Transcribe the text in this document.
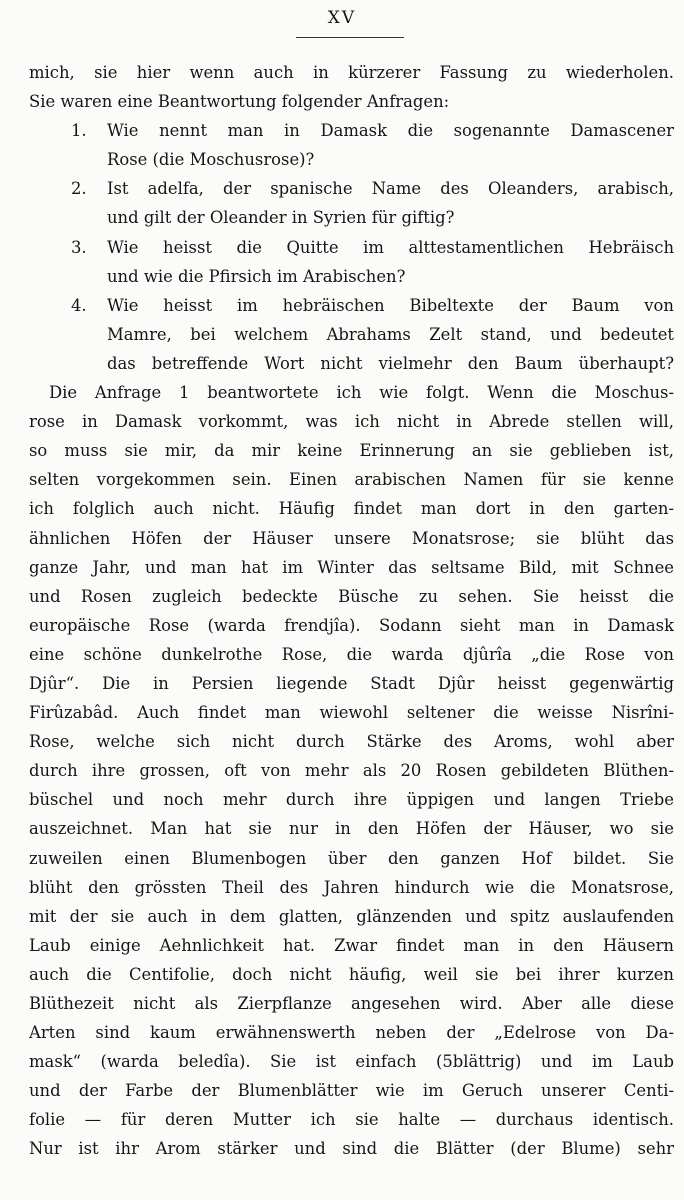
XV
mich, sie hier wenn auch in kürzerer Fassung zu wiederholen.
Sie waren eine Beantwortung folgender Anfragen:
1. Wie nennt man in Damask die sogenannte Damascener
Rose (die Moschusrose)?
2. Ist adelfa, der spanische Name des Oleanders, arabisch,
und gilt der Oleander in Syrien für giftig?
3. Wie heisst die Quitte im alttestamentlichen Hebräisch
und wie die Pfirsich im Arabischen?
4. Wie heisst im hebräischen Bibeltexte der Baum von
Mamre, bei welchem Abrahams Zelt stand, und bedeutet
das betreffende Wort nicht vielmehr den Baum überhaupt?
Die Anfrage 1 beantwortete ich wie folgt. Wenn die Moschus-
rose in Damask vorkommt, was ich nicht in Abrede stellen will,
so muss sie mir, da mir keine Erinnerung an sie geblieben ist,
selten vorgekommen sein. Einen arabischen Namen für sie kenne
ich folglich auch nicht. Häufig findet man dort in den garten-
ähnlichen Höfen der Häuser unsere Monatsrose; sie blüht das
ganze Jahr, und man hat im Winter das seltsame Bild, mit Schnee
und Rosen zugleich bedeckte Büsche zu sehen. Sie heisst die
europäische Rose (warda frendjîa). Sodann sieht man in Damask
eine schöne dunkelrothe Rose, die warda djûrîa „die Rose von
Djûr“. Die in Persien liegende Stadt Djûr heisst gegenwärtig
Firûzabâd. Auch findet man wiewohl seltener die weisse Nisrîni-
Rose, welche sich nicht durch Stärke des Aroms, wohl aber
durch ihre grossen, oft von mehr als 20 Rosen gebildeten Blüthen-
büschel und noch mehr durch ihre üppigen und langen Triebe
auszeichnet. Man hat sie nur in den Höfen der Häuser, wo sie
zuweilen einen Blumenbogen über den ganzen Hof bildet. Sie
blüht den grössten Theil des Jahren hindurch wie die Monatsrose,
mit der sie auch in dem glatten, glänzenden und spitz auslaufenden
Laub einige Aehnlichkeit hat. Zwar findet man in den Häusern
auch die Centifolie, doch nicht häufig, weil sie bei ihrer kurzen
Blüthezeit nicht als Zierpflanze angesehen wird. Aber alle diese
Arten sind kaum erwähnenswerth neben der „Edelrose von Da-
mask“ (warda beledîa). Sie ist einfach (5blättrig) und im Laub
und der Farbe der Blumenblätter wie im Geruch unserer Centi-
folie — für deren Mutter ich sie halte — durchaus identisch.
Nur ist ihr Arom stärker und sind die Blätter (der Blume) sehr
